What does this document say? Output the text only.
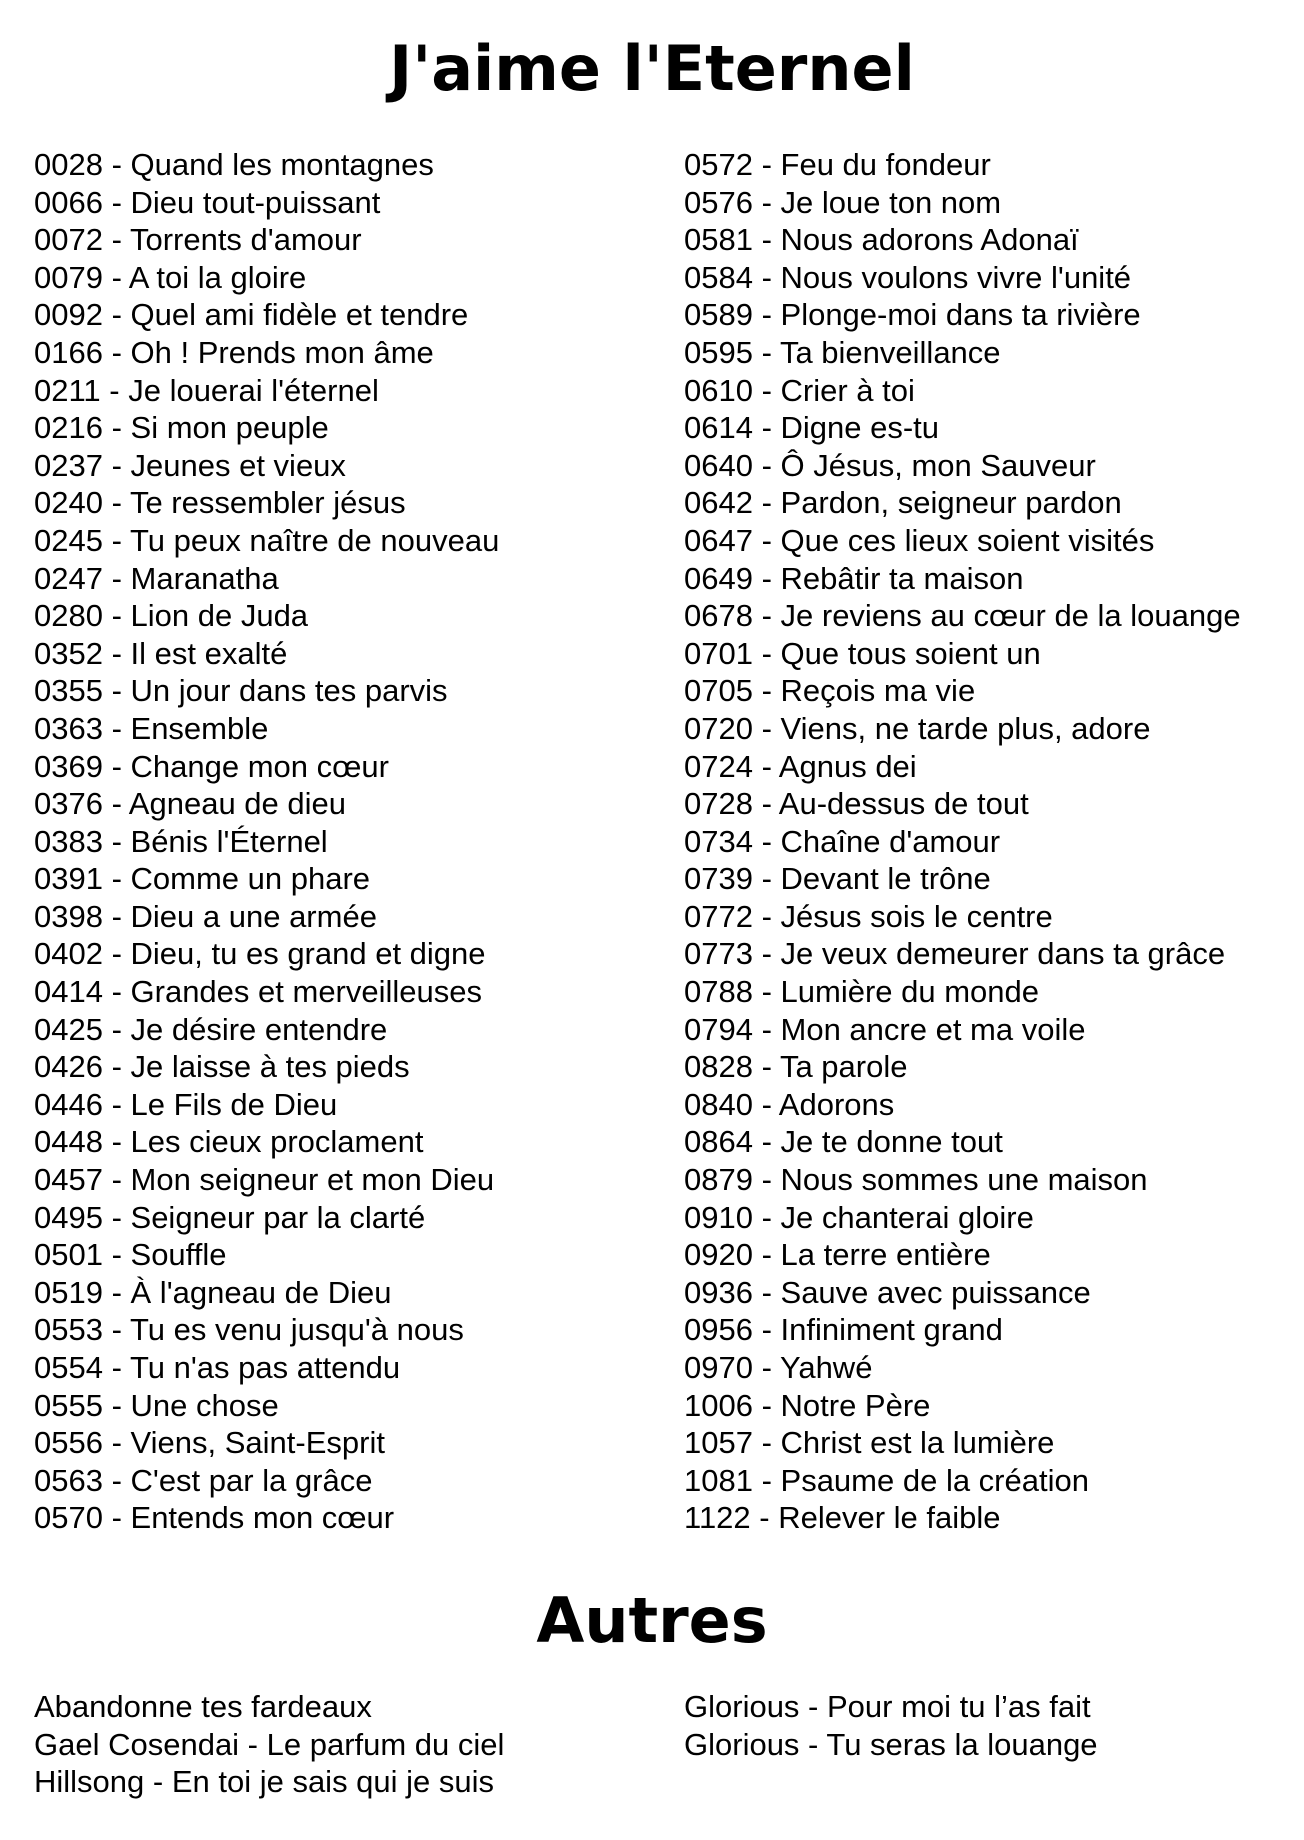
J'aime l'Eternel
0028 - Quand les montagnes
0066 - Dieu tout-puissant
0072 - Torrents d'amour
0079 - A toi la gloire
0092 - Quel ami fidèle et tendre
0166 - Oh ! Prends mon âme
0211 - Je louerai l'éternel
0216 - Si mon peuple
0237 - Jeunes et vieux
0240 - Te ressembler jésus
0245 - Tu peux naître de nouveau
0247 - Maranatha
0280 - Lion de Juda
0352 - Il est exalté
0355 - Un jour dans tes parvis
0363 - Ensemble
0369 - Change mon cœur
0376 - Agneau de dieu
0383 - Bénis l'Éternel
0391 - Comme un phare
0398 - Dieu a une armée
0402 - Dieu, tu es grand et digne
0414 - Grandes et merveilleuses
0425 - Je désire entendre
0426 - Je laisse à tes pieds
0446 - Le Fils de Dieu
0448 - Les cieux proclament
0457 - Mon seigneur et mon Dieu
0495 - Seigneur par la clarté
0501 - Souffle
0519 - À l'agneau de Dieu
0553 - Tu es venu jusqu'à nous
0554 - Tu n'as pas attendu
0555 - Une chose
0556 - Viens, Saint-Esprit
0563 - C'est par la grâce
0570 - Entends mon cœur
0572 - Feu du fondeur
0576 - Je loue ton nom
0581 - Nous adorons Adonaï
0584 - Nous voulons vivre l'unité
0589 - Plonge-moi dans ta rivière
0595 - Ta bienveillance
0610 - Crier à toi
0614 - Digne es-tu
0640 - Ô Jésus, mon Sauveur
0642 - Pardon, seigneur pardon
0647 - Que ces lieux soient visités
0649 - Rebâtir ta maison
0678 - Je reviens au cœur de la louange
0701 - Que tous soient un
0705 - Reçois ma vie
0720 - Viens, ne tarde plus, adore
0724 - Agnus dei
0728 - Au-dessus de tout
0734 - Chaîne d'amour
0739 - Devant le trône
0772 - Jésus sois le centre
0773 - Je veux demeurer dans ta grâce
0788 - Lumière du monde
0794 - Mon ancre et ma voile
0828 - Ta parole
0840 - Adorons
0864 - Je te donne tout
0879 - Nous sommes une maison
0910 - Je chanterai gloire
0920 - La terre entière
0936 - Sauve avec puissance
0956 - Infiniment grand
0970 - Yahwé
1006 - Notre Père
1057 - Christ est la lumière
1081 - Psaume de la création
1122 - Relever le faible
Autres
Abandonne tes fardeaux
Gael Cosendai - Le parfum du ciel
Hillsong - En toi je sais qui je suis
Glorious - Pour moi tu l’as fait
Glorious - Tu seras la louange
